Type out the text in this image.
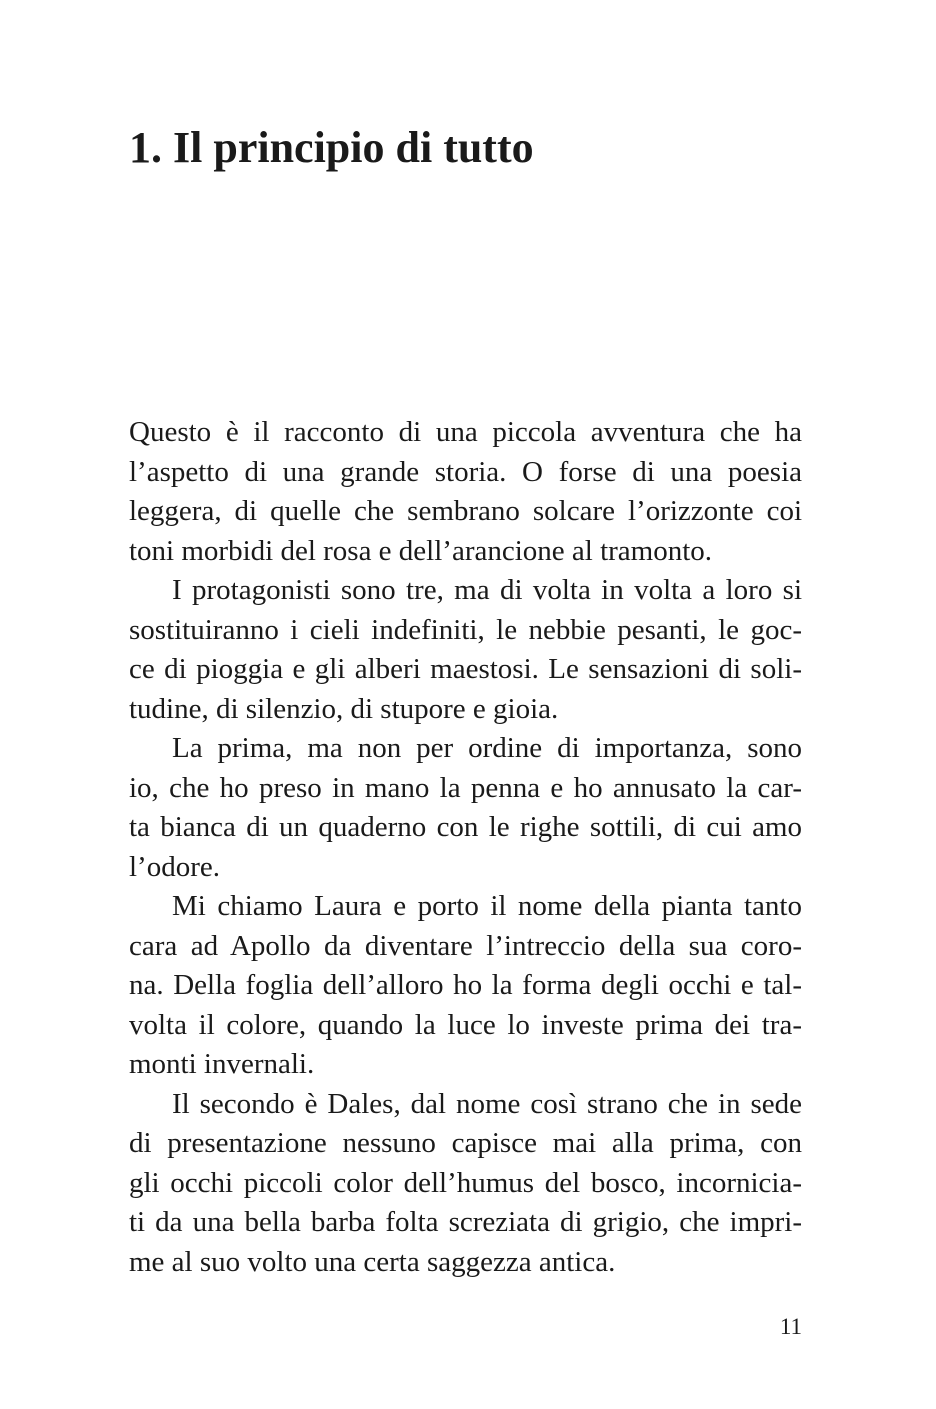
1. Il principio di tutto
Questo è il racconto di una piccola avventura che ha
l’aspetto di una grande storia. O forse di una poesia
leggera, di quelle che sembrano solcare l’orizzonte coi
toni morbidi del rosa e dell’arancione al tramonto.
I protagonisti sono tre, ma di volta in volta a loro si
sostituiranno i cieli indefiniti, le nebbie pesanti, le goc-
ce di pioggia e gli alberi maestosi. Le sensazioni di soli-
tudine, di silenzio, di stupore e gioia.
La prima, ma non per ordine di importanza, sono
io, che ho preso in mano la penna e ho annusato la car-
ta bianca di un quaderno con le righe sottili, di cui amo
l’odore.
Mi chiamo Laura e porto il nome della pianta tanto
cara ad Apollo da diventare l’intreccio della sua coro-
na. Della foglia dell’alloro ho la forma degli occhi e tal-
volta il colore, quando la luce lo investe prima dei tra-
monti invernali.
Il secondo è Dales, dal nome così strano che in sede
di presentazione nessuno capisce mai alla prima, con
gli occhi piccoli color dell’humus del bosco, incornicia-
ti da una bella barba folta screziata di grigio, che impri-
me al suo volto una certa saggezza antica.
11
